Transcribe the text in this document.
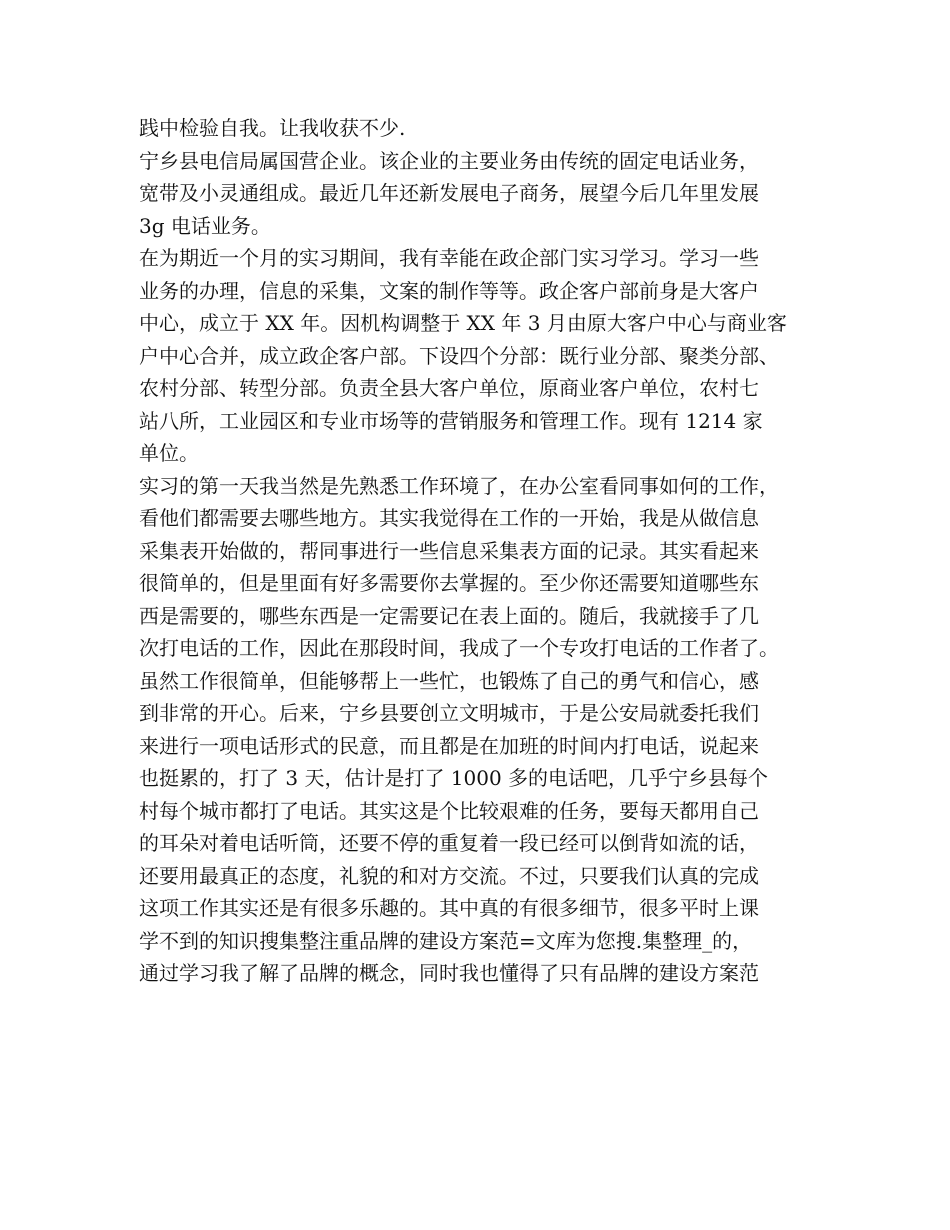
践中检验自我。让我收获不少.
宁乡县电信局属国营企业。该企业的主要业务由传统的固定电话业务，
宽带及小灵通组成。最近几年还新发展电子商务，展望今后几年里发展
3g 电话业务。
在为期近一个月的实习期间，我有幸能在政企部门实习学习。学习一些
业务的办理，信息的采集，文案的制作等等。政企客户部前身是大客户
中心，成立于 XX 年。因机构调整于 XX 年 3 月由原大客户中心与商业客
户中心合并，成立政企客户部。下设四个分部：既行业分部、聚类分部、
农村分部、转型分部。负责全县大客户单位，原商业客户单位，农村七
站八所，工业园区和专业市场等的营销服务和管理工作。现有 1214 家
单位。
实习的第一天我当然是先熟悉工作环境了，在办公室看同事如何的工作，
看他们都需要去哪些地方。其实我觉得在工作的一开始，我是从做信息
采集表开始做的，帮同事进行一些信息采集表方面的记录。其实看起来
很简单的，但是里面有好多需要你去掌握的。至少你还需要知道哪些东
西是需要的，哪些东西是一定需要记在表上面的。随后，我就接手了几
次打电话的工作，因此在那段时间，我成了一个专攻打电话的工作者了。
虽然工作很简单，但能够帮上一些忙，也锻炼了自己的勇气和信心，感
到非常的开心。后来，宁乡县要创立文明城市，于是公安局就委托我们
来进行一项电话形式的民意，而且都是在加班的时间内打电话，说起来
也挺累的，打了 3 天，估计是打了 1000 多的电话吧，几乎宁乡县每个
村每个城市都打了电话。其实这是个比较艰难的任务，要每天都用自己
的耳朵对着电话听筒，还要不停的重复着一段已经可以倒背如流的话，
还要用最真正的态度，礼貌的和对方交流。不过，只要我们认真的完成
这项工作其实还是有很多乐趣的。其中真的有很多细节，很多平时上课
学不到的知识搜集整注重品牌的建设方案范=文库为您搜.集整理_的，
通过学习我了解了品牌的概念，同时我也懂得了只有品牌的建设方案范
